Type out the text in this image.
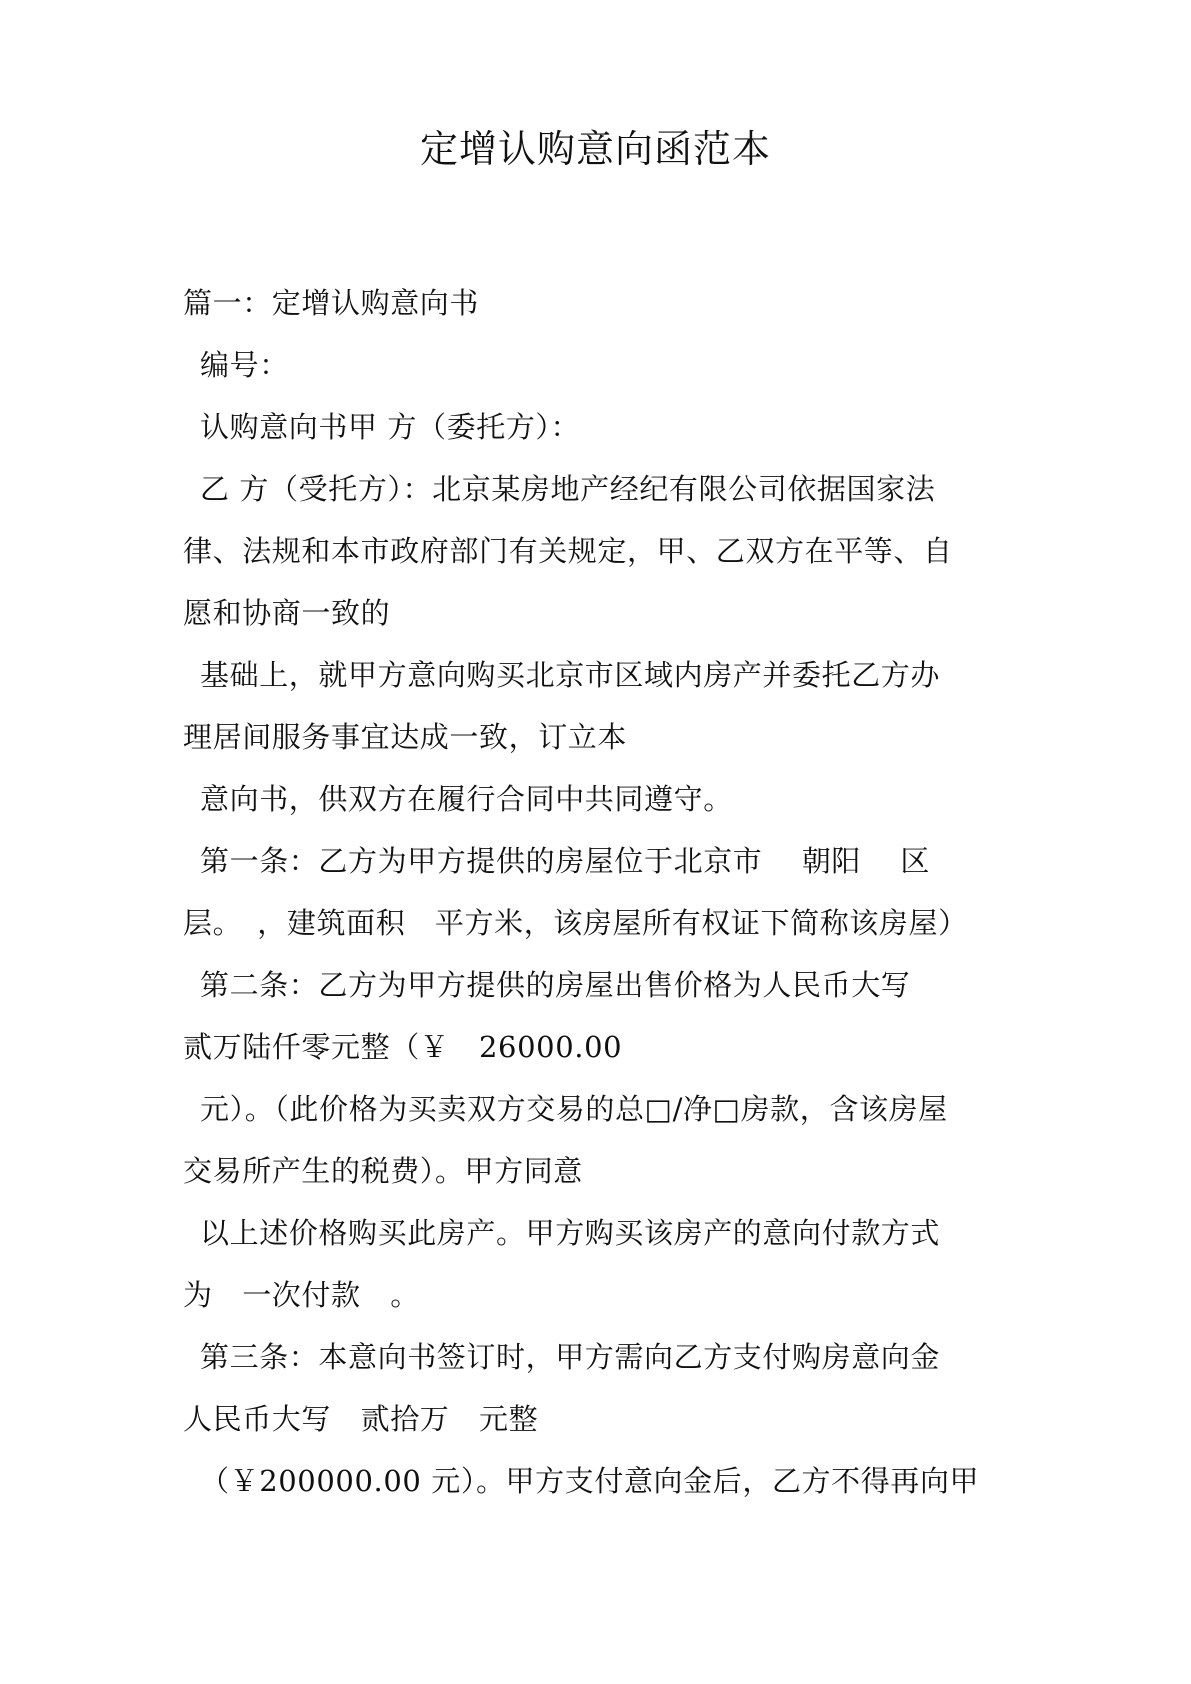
定增认购意向函范本
篇一：定增认购意向书
编号：
认购意向书甲 方（委托方）：
乙 方（受托方）：北京某房地产经纪有限公司依据国家法
律、法规和本市政府部门有关规定，甲、乙双方在平等、自
愿和协商一致的
基础上，就甲方意向购买北京市区域内房产并委托乙方办
理居间服务事宜达成一致，订立本
意向书，供双方在履行合同中共同遵守。
第一条：乙方为甲方提供的房屋位于北京市　 朝阳　 区
层。　，建筑面积　平方米，该房屋所有权证下简称该房屋）
第二条：乙方为甲方提供的房屋出售价格为人民币大写
贰万陆仟零元整（￥　26000.00
元）。（此价格为买卖双方交易的总□/净□房款，含该房屋
交易所产生的税费）。甲方同意
以上述价格购买此房产。甲方购买该房产的意向付款方式
为　一次付款　。
第三条：本意向书签订时，甲方需向乙方支付购房意向金
人民币大写　贰拾万　元整
（￥200000.00 元）。甲方支付意向金后，乙方不得再向甲
